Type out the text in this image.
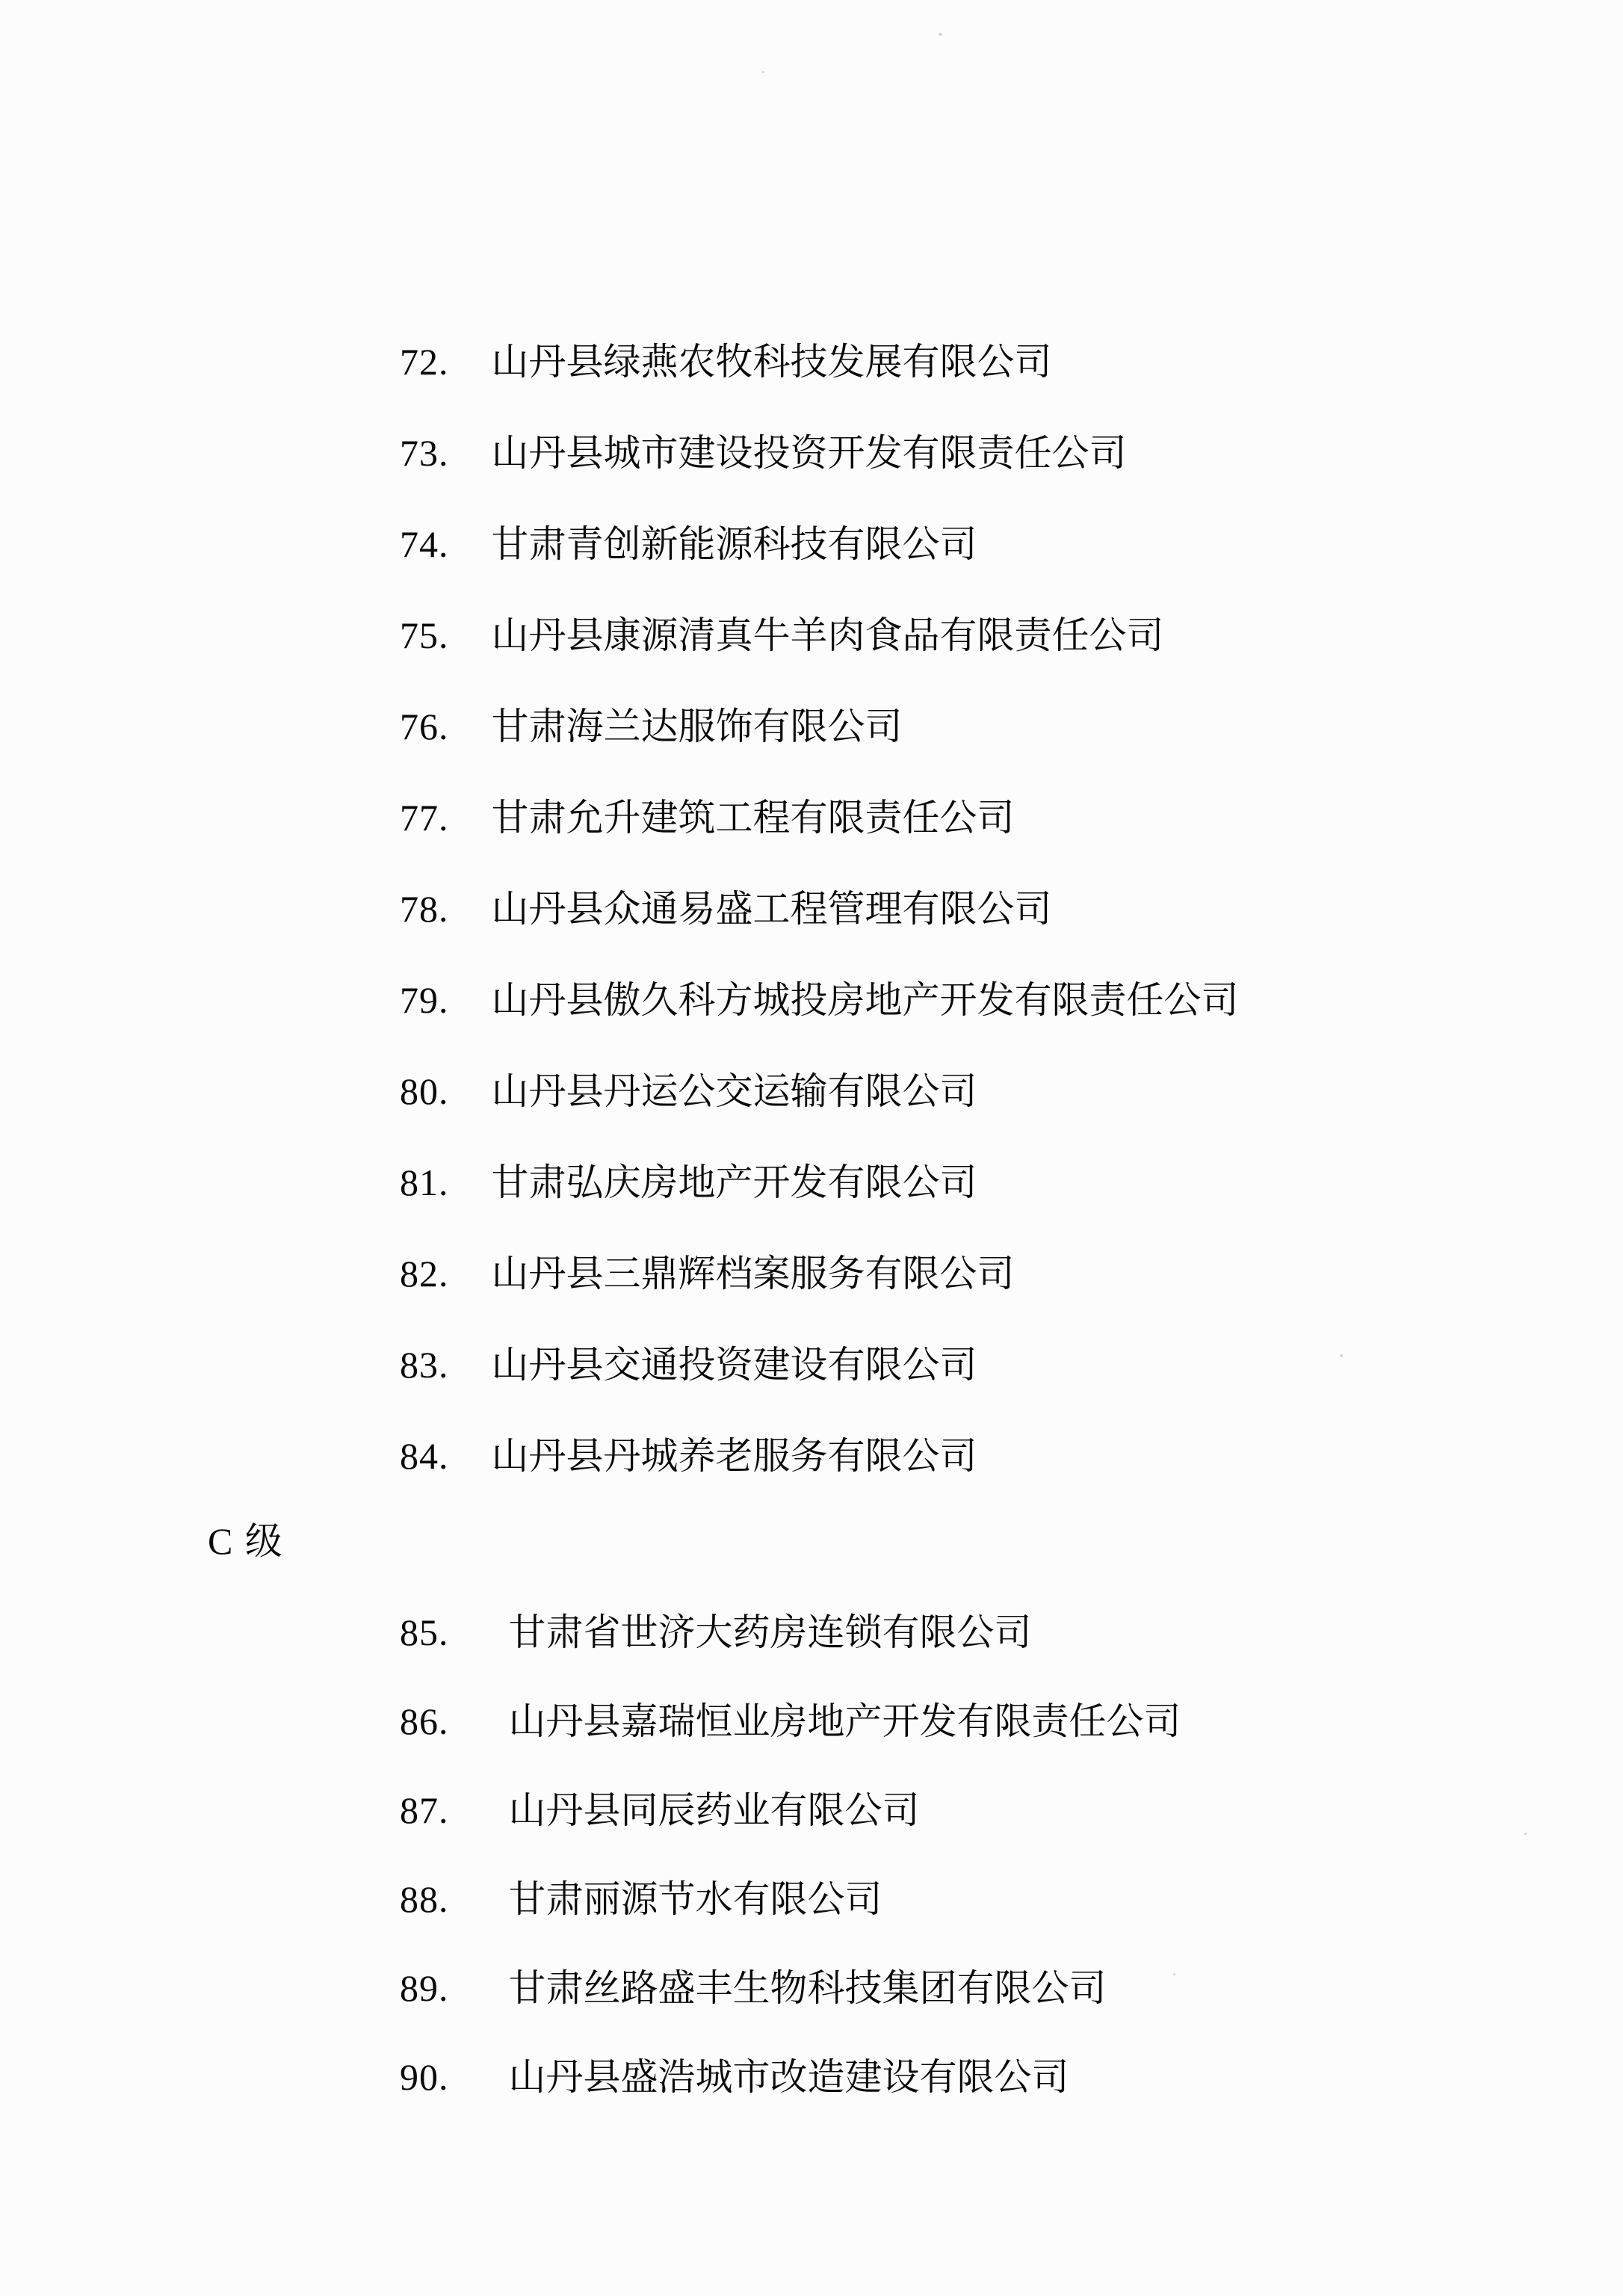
72. 山丹县绿燕农牧科技发展有限公司
73. 山丹县城市建设投资开发有限责任公司
74. 甘肃青创新能源科技有限公司
75. 山丹县康源清真牛羊肉食品有限责任公司
76. 甘肃海兰达服饰有限公司
77. 甘肃允升建筑工程有限责任公司
78. 山丹县众通易盛工程管理有限公司
79. 山丹县傲久科方城投房地产开发有限责任公司
80. 山丹县丹运公交运输有限公司
81. 甘肃弘庆房地产开发有限公司
82. 山丹县三鼎辉档案服务有限公司
83. 山丹县交通投资建设有限公司
84. 山丹县丹城养老服务有限公司
C 级
85. 甘肃省世济大药房连锁有限公司
86. 山丹县嘉瑞恒业房地产开发有限责任公司
87. 山丹县同辰药业有限公司
88. 甘肃丽源节水有限公司
89. 甘肃丝路盛丰生物科技集团有限公司
90. 山丹县盛浩城市改造建设有限公司
